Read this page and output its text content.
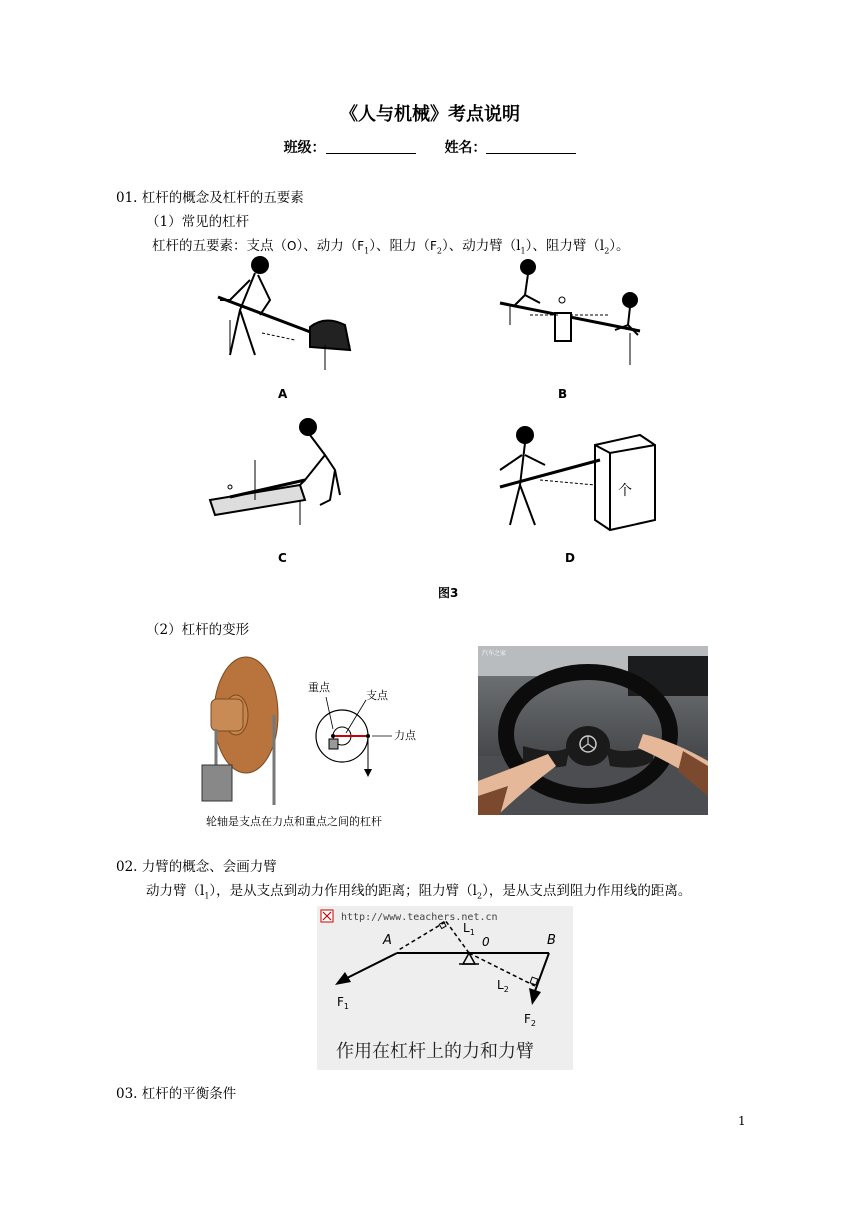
《人与机械》考点说明
班级：	姓名：
01. 杠杆的概念及杠杆的五要素
（1）常见的杠杆
杠杆的五要素：支点（O）、动力$(F_1)$、阻力$(F_2)$、动力臂$(l_1)$、阻力臂$(l_2)$。
A	B
C
个
D
图3
（2）杠杆的变形
重点
支点
力点
轮轴是支点在力点和重点之间的杠杆
汽车之家
02. 力臂的概念、会画力臂
动力臂$(l_1)$，是从支点到动力作用线的距离；阻力臂$(l_2)$，是从支点到阻力作用线的距离。
http://www.teachers.net.cn
A	B
0
$L_1$
$L_2$
$F_1$
$F_2$
作用在杠杆上的力和力臂
03. 杠杆的平衡条件
1
